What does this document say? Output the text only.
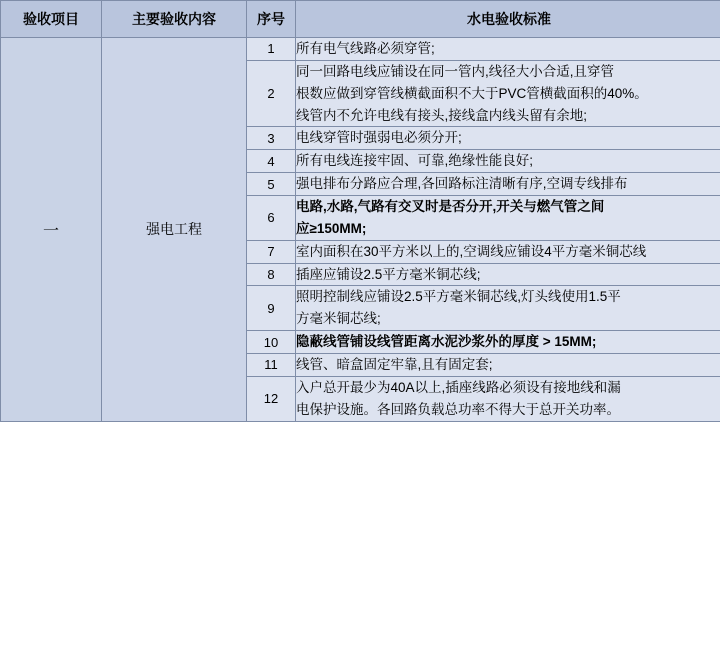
验收项目	主要验收内容	序号	水电验收标准
一	强电工程	1	所有电气线路必须穿管;

		2	同一回路电线应铺设在同一管内,线径大小合适,且穿管
根数应做到穿管线横截面积不大于PVC管横截面积的40%。
线管内不允许电线有接头,接线盒内线头留有余地;

		3	电线穿管时强弱电必须分开;

		4	所有电线连接牢固、可靠,绝缘性能良好;

		5	强电排布分路应合理,各回路标注清晰有序,空调专线排布

		6	电路,水路,气路有交叉时是否分开,开关与燃气管之间
应≥150MM;

		7	室内面积在30平方米以上的,空调线应铺设4平方毫米铜芯线

		8	插座应铺设2.5平方毫米铜芯线;

		9	照明控制线应铺设2.5平方毫米铜芯线,灯头线使用1.5平
方毫米铜芯线;

		10	隐蔽线管铺设线管距离水泥沙浆外的厚度 > 15MM;

		11	线管、暗盒固定牢靠,且有固定套;

		12	入户总开最少为40A以上,插座线路必须设有接地线和漏
电保护设施。各回路负载总功率不得大于总开关功率。
